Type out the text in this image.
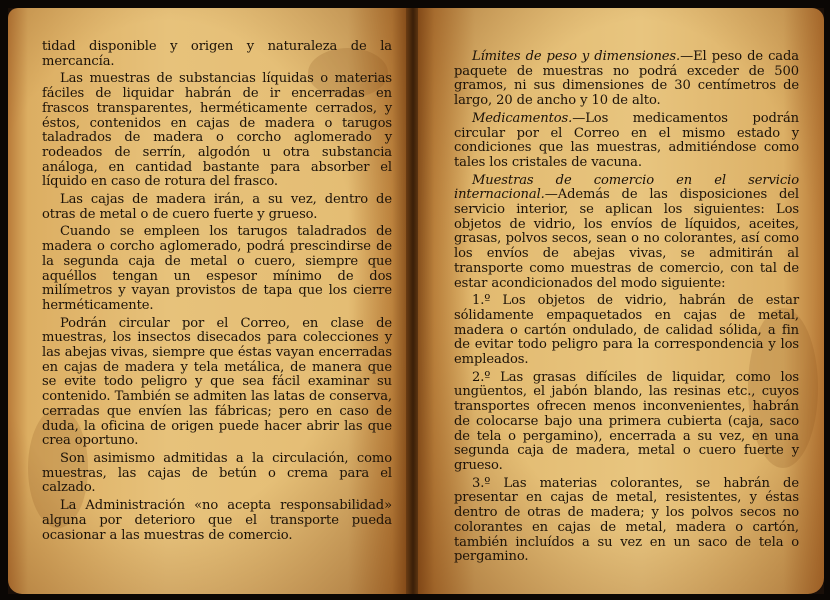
tidad disponible y origen y naturaleza de la mercancía.

Las muestras de substancias líquidas o materias fáciles de liquidar habrán de ir encerradas en frascos transparentes, herméticamente cerrados, y éstos, contenidos en cajas de madera o tarugos taladrados de madera o corcho aglomerado y rodeados de serrín, algodón u otra substancia análoga, en cantidad bastante para absorber el líquido en caso de rotura del frasco.

Las cajas de madera irán, a su vez, dentro de otras de metal o de cuero fuerte y grueso.

Cuando se empleen los tarugos taladrados de madera o corcho aglomerado, podrá prescindirse de la segunda caja de metal o cuero, siempre que aquéllos tengan un espesor mínimo de dos milímetros y vayan provistos de tapa que los cierre herméticamente.

Podrán circular por el Correo, en clase de muestras, los insectos disecados para colecciones y las abejas vivas, siempre que éstas vayan encerradas en cajas de madera y tela metálica, de manera que se evite todo peligro y que sea fácil examinar su contenido. También se admiten las latas de conserva, cerradas que envíen las fábricas; pero en caso de duda, la oficina de origen puede hacer abrir las que crea oportuno.

Son asimismo admitidas a la circulación, como muestras, las cajas de betún o crema para el calzado.

La Administración «no acepta responsabilidad» alguna por deterioro que el transporte pueda ocasionar a las muestras de comercio.

Límites de peso y dimensiones.—El peso de cada paquete de muestras no podrá exceder de 500 gramos, ni sus dimensiones de 30 centímetros de largo, 20 de ancho y 10 de alto.

Medicamentos.—Los medicamentos podrán circular por el Correo en el mismo estado y condiciones que las muestras, admitiéndose como tales los cristales de vacuna.

Muestras de comercio en el servicio internacional.—Además de las disposiciones del servicio interior, se aplican los siguientes: Los objetos de vidrio, los envíos de líquidos, aceites, grasas, polvos secos, sean o no colorantes, así como los envíos de abejas vivas, se admitirán al transporte como muestras de comercio, con tal de estar acondicionados del modo siguiente:

1.º Los objetos de vidrio, habrán de estar sólidamente empaquetados en cajas de metal, madera o cartón ondulado, de calidad sólida, a fin de evitar todo peligro para la correspondencia y los empleados.

2.º Las grasas difíciles de liquidar, como los ungüentos, el jabón blando, las resinas etc., cuyos transportes ofrecen menos inconvenientes, habrán de colocarse bajo una primera cubierta (caja, saco de tela o pergamino), encerrada a su vez, en una segunda caja de madera, metal o cuero fuerte y grueso.

3.º Las materias colorantes, se habrán de presentar en cajas de metal, resistentes, y éstas dentro de otras de madera; y los polvos secos no colorantes en cajas de metal, madera o cartón, también incluídos a su vez en un saco de tela o pergamino.
